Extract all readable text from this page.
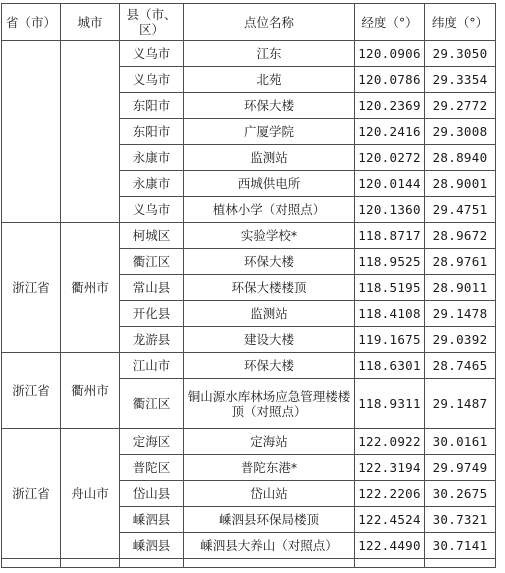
省（市）	城市	县（市、区）	点位名称	经度（°）	纬度（°）
		义乌市	江东	120.0906	29.3050
		义乌市	北苑	120.0786	29.3354
		东阳市	环保大楼	120.2369	29.2772
		东阳市	广厦学院	120.2416	29.3008
		永康市	监测站	120.0272	28.8940
		永康市	西城供电所	120.0144	28.9001
		义乌市	植林小学（对照点）	120.1360	29.4751
浙江省	衢州市	柯城区	实验学校*	118.8717	28.9672
		衢江区	环保大楼	118.9525	28.9761
		常山县	环保大楼楼顶	118.5195	28.9011
		开化县	监测站	118.4108	29.1478
		龙游县	建设大楼	119.1675	29.0392
浙江省	衢州市	江山市	环保大楼	118.6301	28.7465
		衢江区	铜山源水库林场应急管理楼楼顶（对照点）	118.9311	29.1487
浙江省	舟山市	定海区	定海站	122.0922	30.0161
		普陀区	普陀东港*	122.3194	29.9749
		岱山县	岱山站	122.2206	30.2675
		嵊泗县	嵊泗县环保局楼顶	122.4524	30.7321
		嵊泗县	嵊泗县大养山（对照点）	122.4490	30.7141
